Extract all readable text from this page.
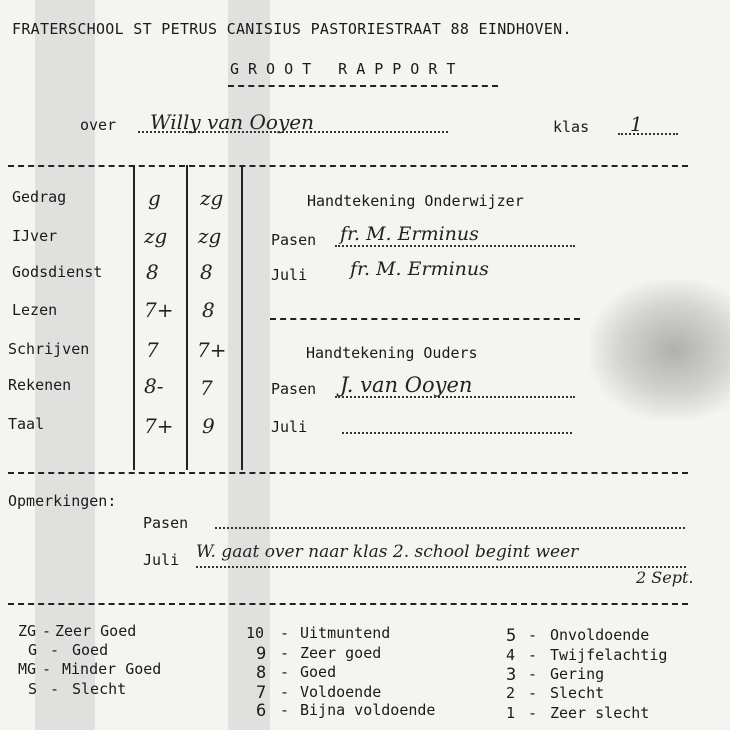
FRATERSCHOOL ST PETRUS CANISIUS PASTORIESTRAAT 88 EINDHOVEN.
GROOT RAPPORT
over Willy van Ooyen	klas 1
Gedrag	g zg
IJver	zg zg
Godsdienst 8 8
Lezen	7+ 8
Schrijven	7 7+
Rekenen	8- 7
Taal	7+ 9
Handtekening Onderwijzer
Pasen fr. M. Erminus
Juli fr. M. Erminus
Handtekening Ouders
Pasen J. van Ooyen
Juli
Opmerkingen:
Pasen
Juli W. gaat over naar klas 2. school begint weer
2 Sept.
ZG Zeer Goed
-
G - Goed
MG - Minder Goed
S - Slecht
10 - Uitmuntend
9 - Zeer goed
8 - Goed
7 - Voldoende
6 - Bijna voldoende
5 - Onvoldoende
4 - Twijfelachtig
3 - Gering
2 - Slecht
1 - Zeer slecht
